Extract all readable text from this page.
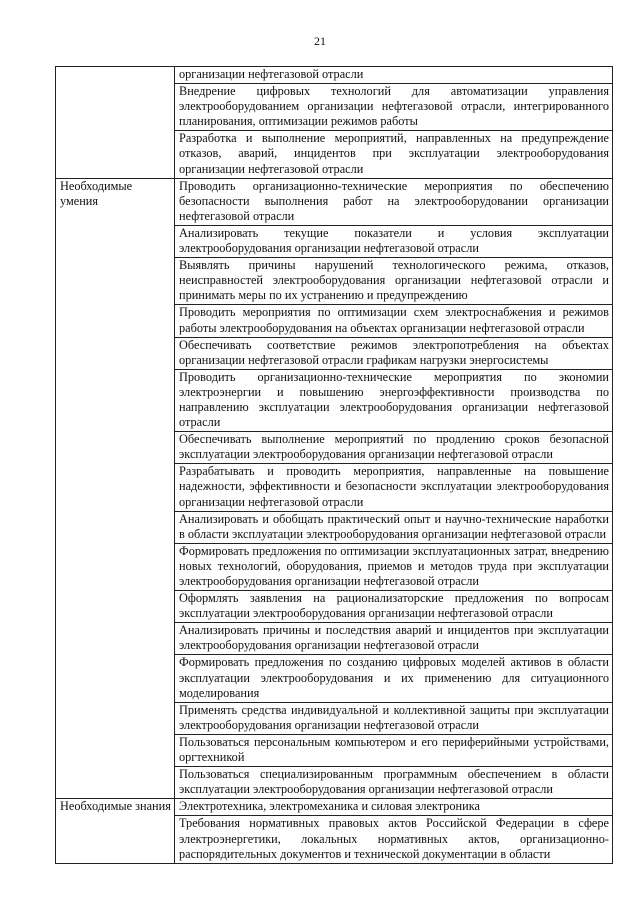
21
	организации нефтегазовой отрасли
	Внедрение цифровых технологий для автоматизации управления электрооборудованием организации нефтегазовой отрасли, интегрированного планирования, оптимизации режимов работы
	Разработка и выполнение мероприятий, направленных на предупреждение отказов, аварий, инцидентов при эксплуатации электрооборудования организации нефтегазовой отрасли
Необходимые умения	Проводить организационно-технические мероприятия по обеспечению безопасности выполнения работ на электрооборудовании организации нефтегазовой отрасли
	Анализировать текущие показатели и условия эксплуатации электрооборудования организации нефтегазовой отрасли
	Выявлять причины нарушений технологического режима, отказов, неисправностей электрооборудования организации нефтегазовой отрасли и принимать меры по их устранению и предупреждению
	Проводить мероприятия по оптимизации схем электроснабжения и режимов работы электрооборудования на объектах организации нефтегазовой отрасли
	Обеспечивать соответствие режимов электропотребления на объектах организации нефтегазовой отрасли графикам нагрузки энергосистемы
	Проводить организационно-технические мероприятия по экономии электроэнергии и повышению энергоэффективности производства по направлению эксплуатации электрооборудования организации нефтегазовой отрасли
	Обеспечивать выполнение мероприятий по продлению сроков безопасной эксплуатации электрооборудования организации нефтегазовой отрасли
	Разрабатывать и проводить мероприятия, направленные на повышение надежности, эффективности и безопасности эксплуатации электрооборудования организации нефтегазовой отрасли
	Анализировать и обобщать практический опыт и научно-технические наработки в области эксплуатации электрооборудования организации нефтегазовой отрасли
	Формировать предложения по оптимизации эксплуатационных затрат, внедрению новых технологий, оборудования, приемов и методов труда при эксплуатации электрооборудования организации нефтегазовой отрасли
	Оформлять заявления на рационализаторские предложения по вопросам эксплуатации электрооборудования организации нефтегазовой отрасли
	Анализировать причины и последствия аварий и инцидентов при эксплуатации электрооборудования организации нефтегазовой отрасли
	Формировать предложения по созданию цифровых моделей активов в области эксплуатации электрооборудования и их применению для ситуационного моделирования
	Применять средства индивидуальной и коллективной защиты при эксплуатации электрооборудования организации нефтегазовой отрасли
	Пользоваться персональным компьютером и его периферийными устройствами, оргтехникой
	Пользоваться специализированным программным обеспечением в области эксплуатации электрооборудования организации нефтегазовой отрасли
Необходимые знания	Электротехника, электромеханика и силовая электроника
	Требования нормативных правовых актов Российской Федерации в сфере электроэнергетики, локальных нормативных актов, организационно-распорядительных документов и технической документации в области
